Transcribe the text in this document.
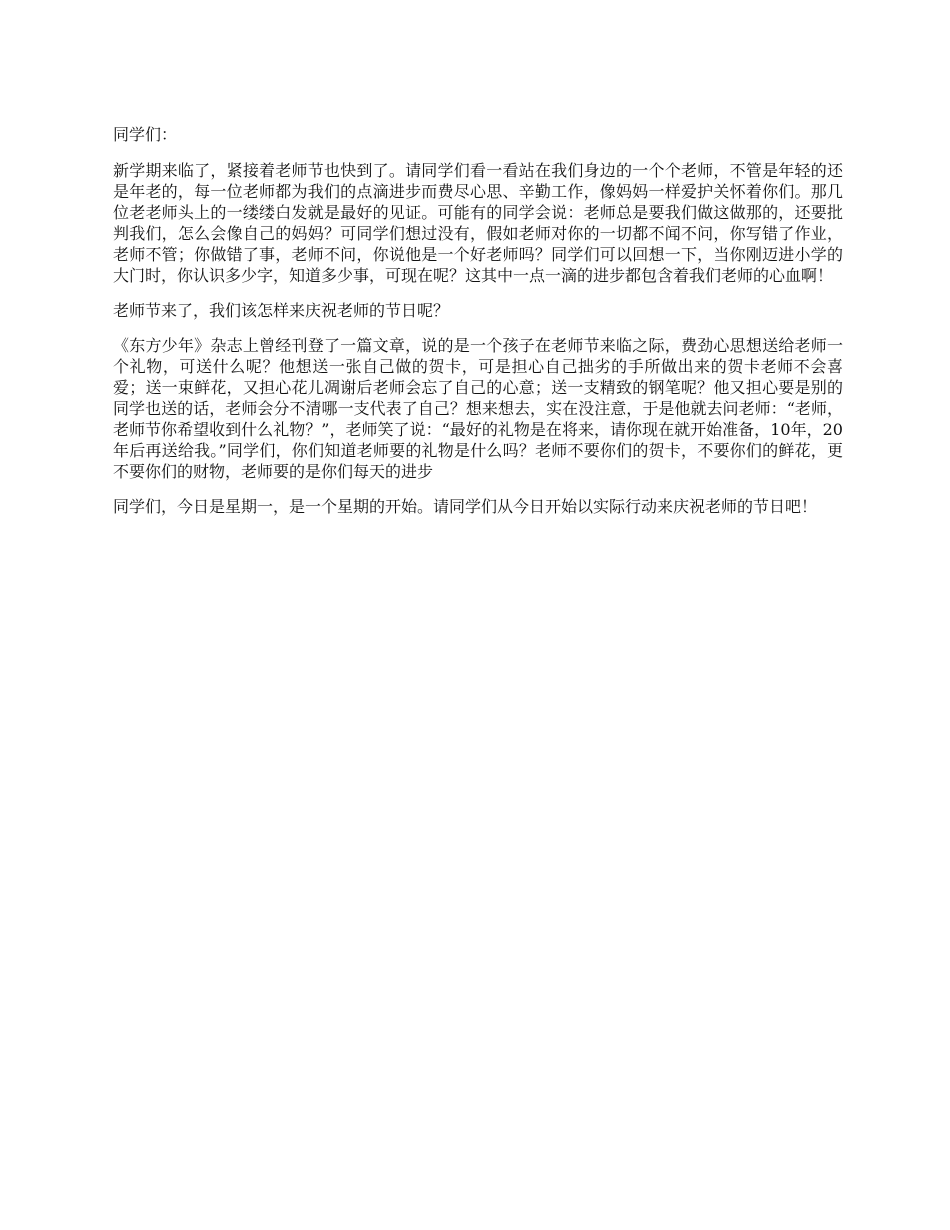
同学们：

新学期来临了，紧接着老师节也快到了。请同学们看一看站在我们身边的一个个老师，不管是年轻的还是年老的，每一位老师都为我们的点滴进步而费尽心思、辛勤工作，像妈妈一样爱护关怀着你们。那几位老老师头上的一缕缕白发就是最好的见证。可能有的同学会说：老师总是要我们做这做那的，还要批判我们，怎么会像自己的妈妈？可同学们想过没有，假如老师对你的一切都不闻不问，你写错了作业，老师不管；你做错了事，老师不问，你说他是一个好老师吗？同学们可以回想一下，当你刚迈进小学的大门时，你认识多少字，知道多少事，可现在呢？这其中一点一滴的进步都包含着我们老师的心血啊！

老师节来了，我们该怎样来庆祝老师的节日呢？

《东方少年》杂志上曾经刊登了一篇文章，说的是一个孩子在老师节来临之际，费劲心思想送给老师一个礼物，可送什么呢？他想送一张自己做的贺卡，可是担心自己拙劣的手所做出来的贺卡老师不会喜爱；送一束鲜花，又担心花儿凋谢后老师会忘了自己的心意；送一支精致的钢笔呢？他又担心要是别的同学也送的话，老师会分不清哪一支代表了自己？想来想去，实在没注意，于是他就去问老师：“老师，老师节你希望收到什么礼物？”，老师笑了说：“最好的礼物是在将来，请你现在就开始准备，10年，20年后再送给我。”同学们，你们知道老师要的礼物是什么吗？老师不要你们的贺卡，不要你们的鲜花，更不要你们的财物，老师要的是你们每天的进步

同学们，今日是星期一，是一个星期的开始。请同学们从今日开始以实际行动来庆祝老师的节日吧！
